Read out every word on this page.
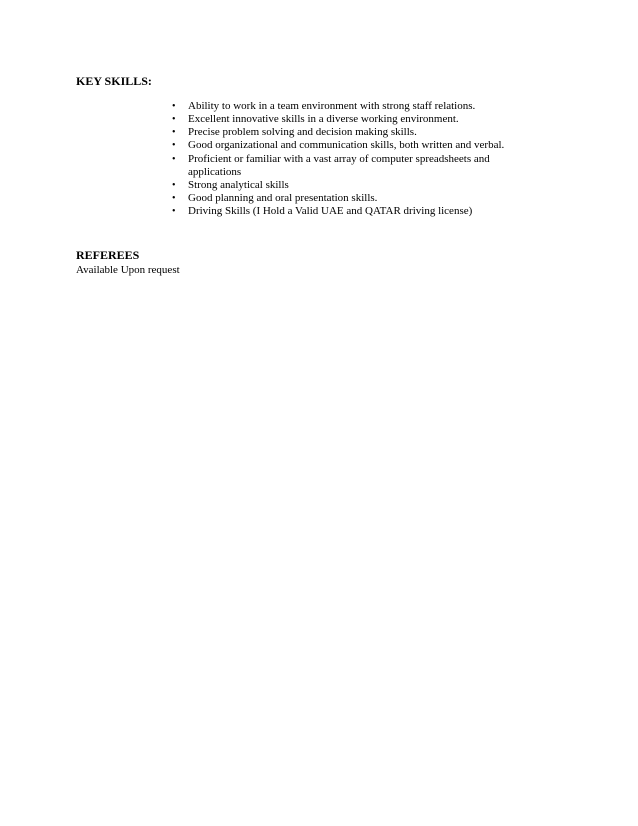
KEY SKILLS:

• Ability to work in a team environment with strong staff relations.
• Excellent innovative skills in a diverse working environment.
• Precise problem solving and decision making skills.
• Good organizational and communication skills, both written and verbal.
• Proficient or familiar with a vast array of computer spreadsheets and applications
• Strong analytical skills
• Good planning and oral presentation skills.
• Driving Skills (I Hold a Valid UAE and QATAR driving license)

REFEREES

Available Upon request
